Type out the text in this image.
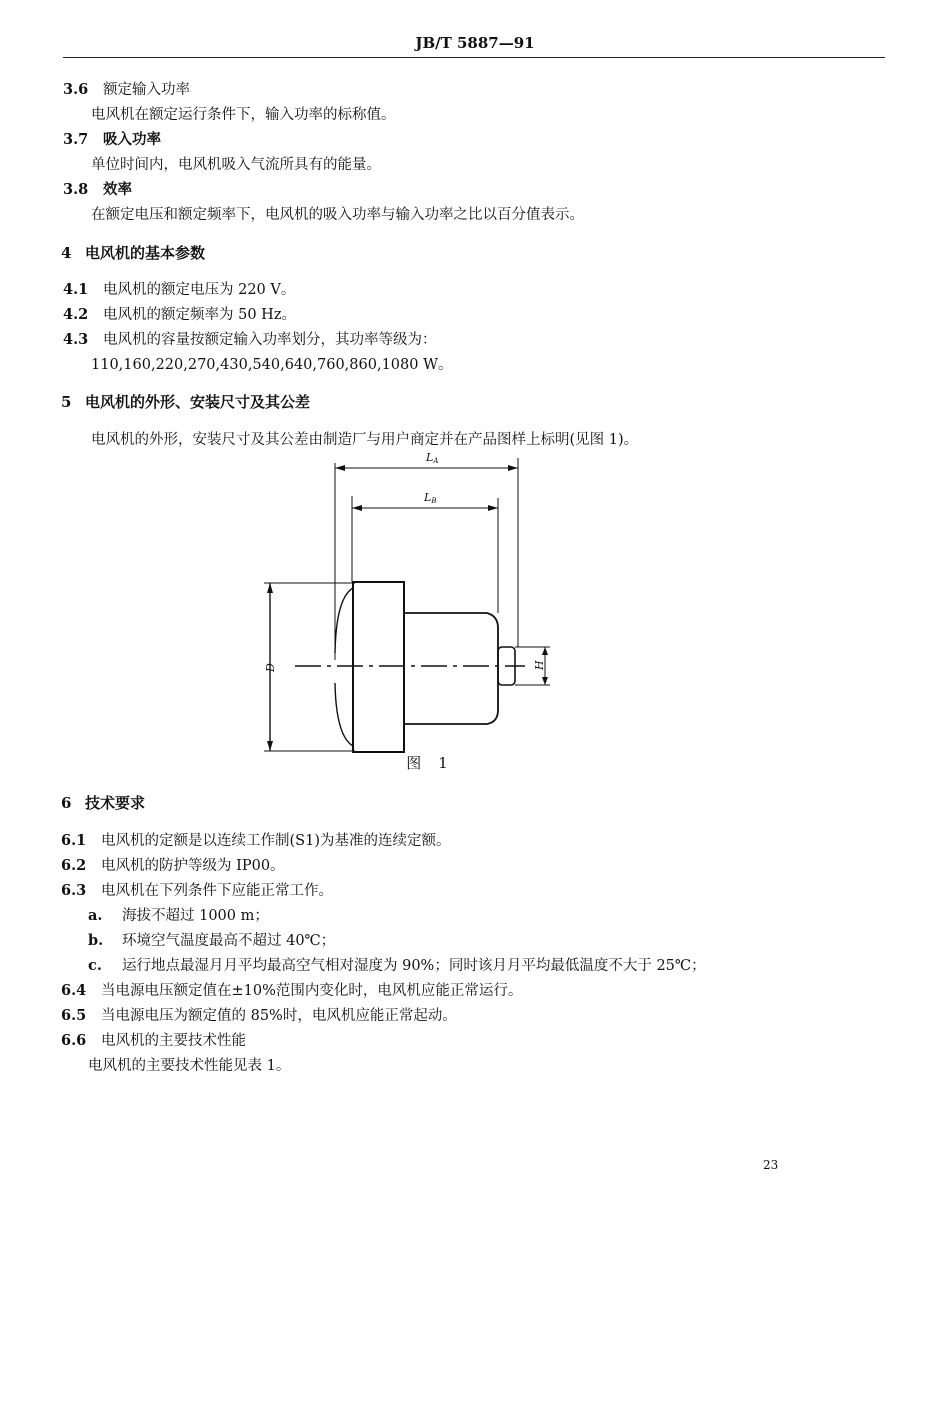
JB/T 5887—91
3.6 额定输入功率
电风机在额定运行条件下，输入功率的标称值。
3.7 吸入功率
单位时间内，电风机吸入气流所具有的能量。
3.8 效率
在额定电压和额定频率下，电风机的吸入功率与输入功率之比以百分值表示。
4 电风机的基本参数
4.1 电风机的额定电压为 220 V。
4.2 电风机的额定频率为 50 Hz。
4.3 电风机的容量按额定输入功率划分，其功率等级为：
110,160,220,270,430,540,640,760,860,1080 W。
5 电风机的外形、安装尺寸及其公差
电风机的外形，安装尺寸及其公差由制造厂与用户商定并在产品图样上标明(见图 1)。
LA
LB
D	H
图　1
6 技术要求
6.1 电风机的定额是以连续工作制(S1)为基准的连续定额。
6.2 电风机的防护等级为 IP00。
6.3 电风机在下列条件下应能正常工作。
a. 海拔不超过 1000 m；
b. 环境空气温度最高不超过 40℃；
c. 运行地点最湿月月平均最高空气相对湿度为 90%；同时该月月平均最低温度不大于 25℃；
6.4 当电源电压额定值在±10%范围内变化时，电风机应能正常运行。
6.5 当电源电压为额定值的 85%时，电风机应能正常起动。
6.6 电风机的主要技术性能
电风机的主要技术性能见表 1。
23
